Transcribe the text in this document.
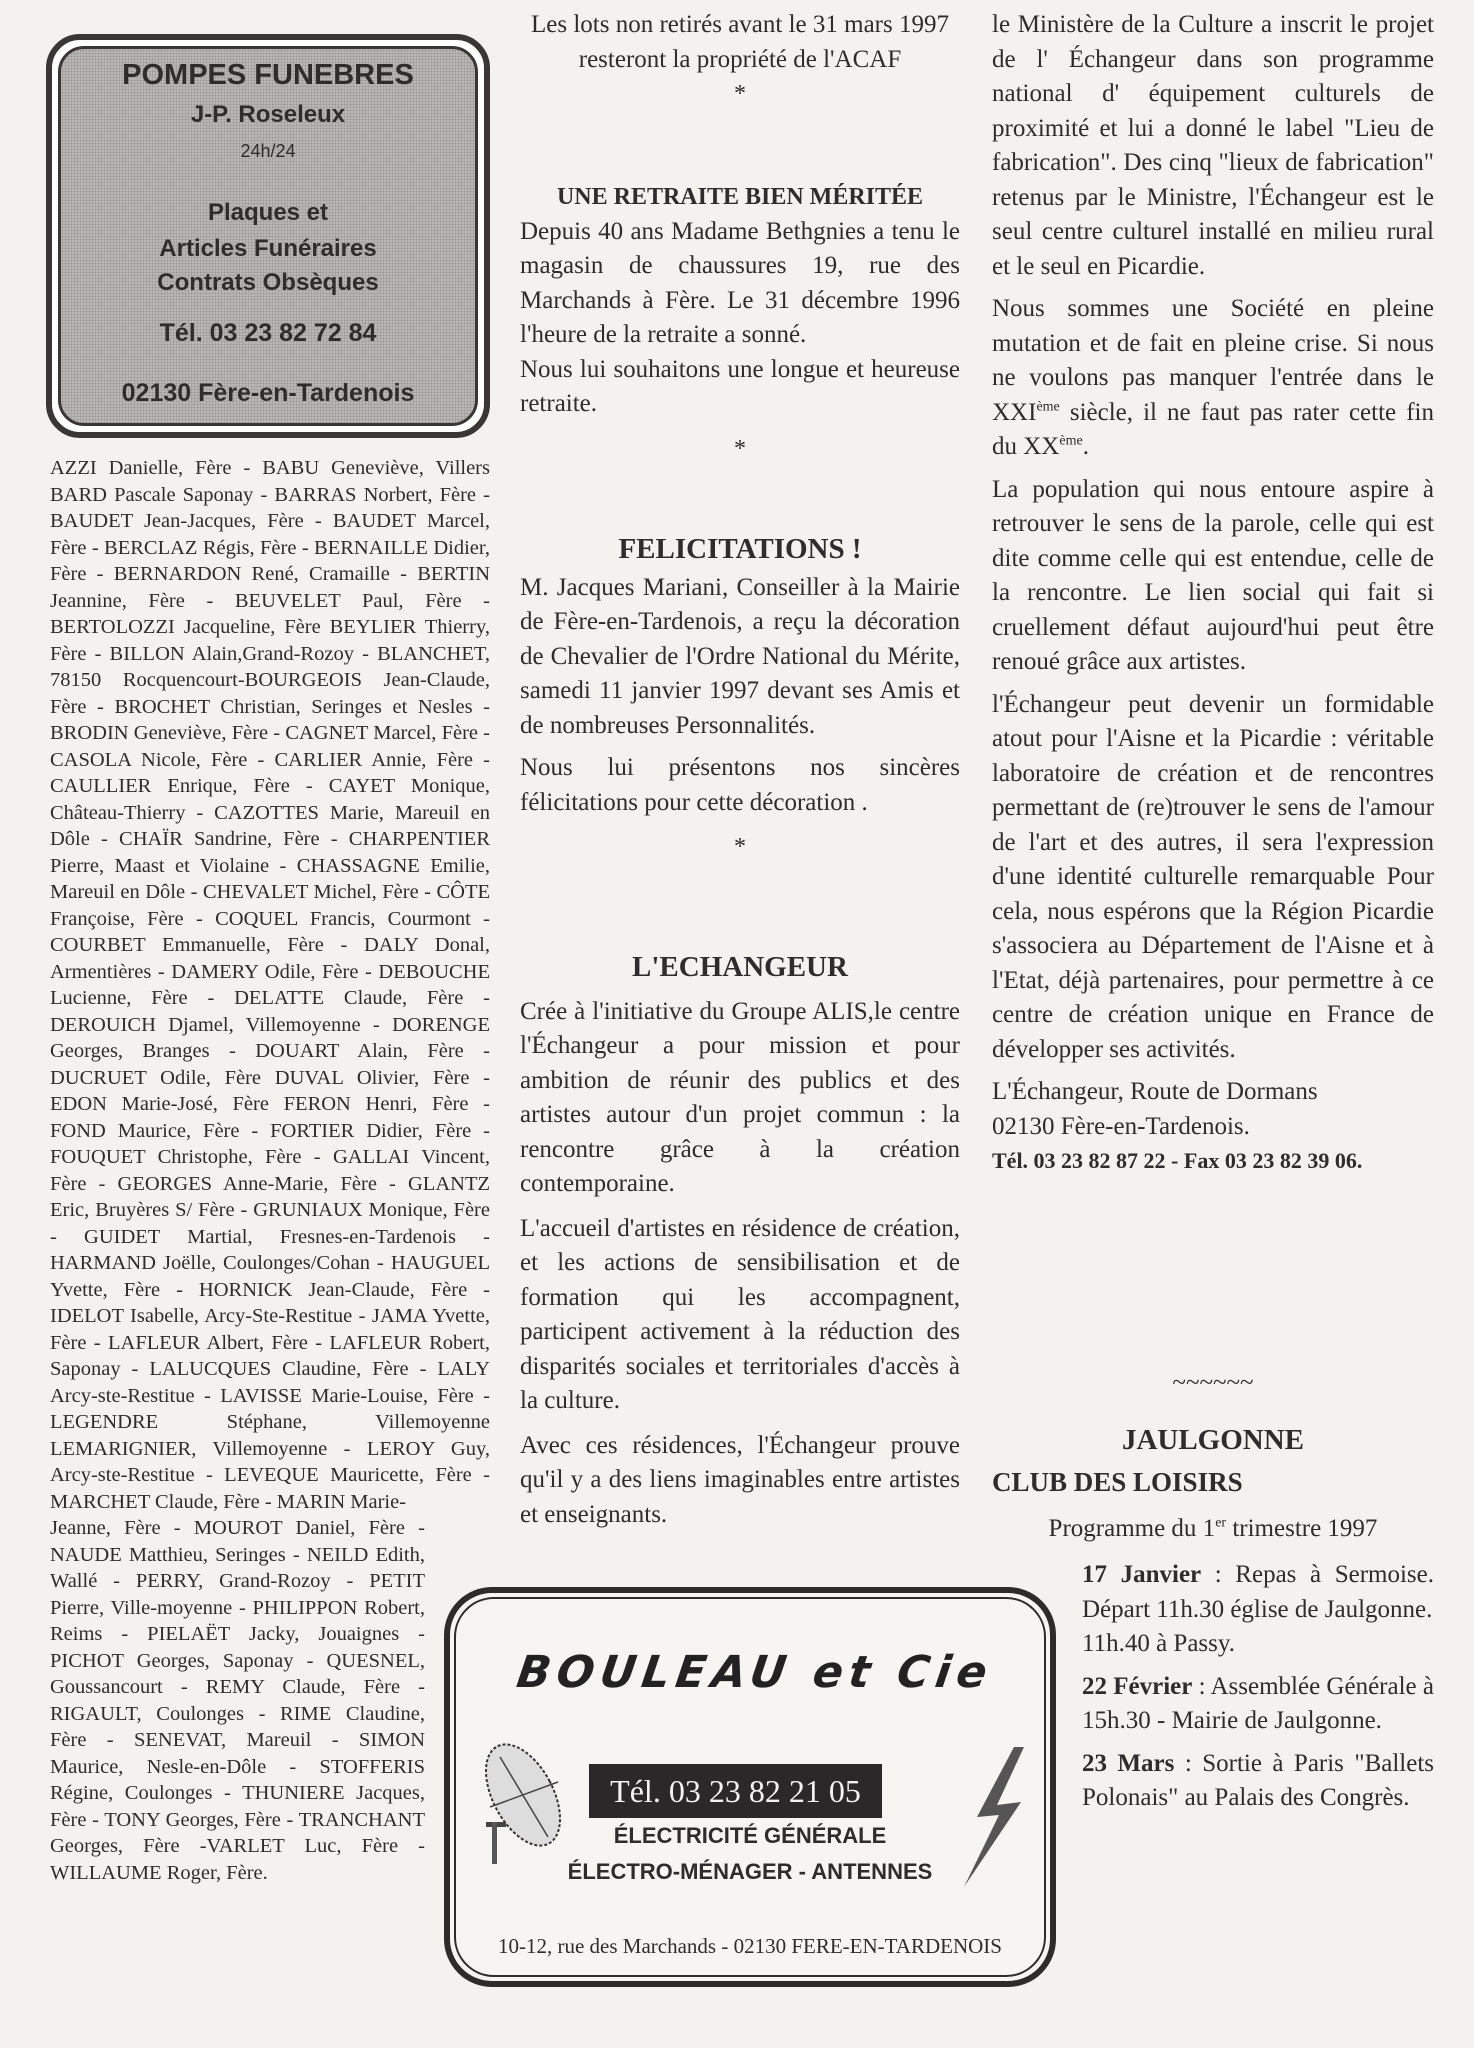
POMPES FUNEBRES
J-P. Roseleux
24h/24
Plaques et
Articles Funéraires
Contrats Obsèques
Tél. 03 23 82 72 84
02130 Fère-en-Tardenois

AZZI Danielle, Fère - BABU Geneviève, Villers BARD Pascale Saponay - BARRAS Norbert, Fère - BAUDET Jean-Jacques, Fère - BAUDET Marcel, Fère - BERCLAZ Régis, Fère - BERNAILLE Didier, Fère - BERNARDON René, Cramaille - BERTIN Jeannine, Fère - BEUVELET Paul, Fère - BERTOLOZZI Jacqueline, Fère BEYLIER Thierry, Fère - BILLON Alain,Grand-Rozoy - BLANCHET, 78150 Rocquencourt-BOURGEOIS Jean-Claude, Fère - BROCHET Christian, Seringes et Nesles - BRODIN Geneviève, Fère - CAGNET Marcel, Fère - CASOLA Nicole, Fère - CARLIER Annie, Fère - CAULLIER Enrique, Fère - CAYET Monique, Château-Thierry - CAZOTTES Marie, Mareuil en Dôle - CHAÏR Sandrine, Fère - CHARPENTIER Pierre, Maast et Violaine - CHASSAGNE Emilie, Mareuil en Dôle - CHEVALET Michel, Fère - CÔTE Françoise, Fère - COQUEL Francis, Courmont - COURBET Emmanuelle, Fère - DALY Donal, Armentières - DAMERY Odile, Fère - DEBOUCHE Lucienne, Fère - DELATTE Claude, Fère - DEROUICH Djamel, Villemoyenne - DORENGE Georges, Branges - DOUART Alain, Fère - DUCRUET Odile, Fère DUVAL Olivier, Fère - EDON Marie-José, Fère FERON Henri, Fère - FOND Maurice, Fère - FORTIER Didier, Fère - FOUQUET Christophe, Fère - GALLAI Vincent, Fère - GEORGES Anne-Marie, Fère - GLANTZ Eric, Bruyères S/ Fère - GRUNIAUX Monique, Fère - GUIDET Martial, Fresnes-en-Tardenois - HARMAND Joëlle, Coulonges/Cohan - HAUGUEL Yvette, Fère - HORNICK Jean-Claude, Fère - IDELOT Isabelle, Arcy-Ste-Restitue - JAMA Yvette, Fère - LAFLEUR Albert, Fère - LAFLEUR Robert, Saponay - LALUCQUES Claudine, Fère - LALY Arcy-ste-Restitue - LAVISSE Marie-Louise, Fère - LEGENDRE Stéphane, Villemoyenne LEMARIGNIER, Villemoyenne - LEROY Guy, Arcy-ste-Restitue - LEVEQUE Mauricette, Fère - MARCHET Claude, Fère - MARIN Marie-

Jeanne, Fère - MOUROT Daniel, Fère - NAUDE Matthieu, Seringes - NEILD Edith, Wallé - PERRY, Grand-Rozoy - PETIT Pierre, Ville-moyenne - PHILIPPON Robert, Reims - PIELAËT Jacky, Jouaignes - PICHOT Georges, Saponay - QUESNEL, Goussancourt - REMY Claude, Fère - RIGAULT, Coulonges - RIME Claudine, Fère - SENEVAT, Mareuil - SIMON Maurice, Nesle-en-Dôle - STOFFERIS Régine, Coulonges - THUNIERE Jacques, Fère - TONY Georges, Fère - TRANCHANT Georges, Fère -VARLET Luc, Fère - WILLAUME Roger, Fère.

Les lots non retirés avant le 31 mars 1997 resteront la propriété de l'ACAF

*

UNE RETRAITE BIEN MÉRITÉE

Depuis 40 ans Madame Bethgnies a tenu le magasin de chaussures 19, rue des Marchands à Fère. Le 31 décembre 1996 l'heure de la retraite a sonné.

Nous lui souhaitons une longue et heureuse retraite.

*

FELICITATIONS !

M. Jacques Mariani, Conseiller à la Mairie de Fère-en-Tardenois, a reçu la décoration de Chevalier de l'Ordre National du Mérite, samedi 11 janvier 1997 devant ses Amis et de nombreuses Personnalités.

Nous lui présentons nos sincères félicitations pour cette décoration .

*

L'ECHANGEUR

Crée à l'initiative du Groupe ALIS,le centre l'Échangeur a pour mission et pour ambition de réunir des publics et des artistes autour d'un projet commun : la rencontre grâce à la création contemporaine.

L'accueil d'artistes en résidence de création, et les actions de sensibilisation et de formation qui les accompagnent, participent activement à la réduction des disparités sociales et territoriales d'accès à la culture.

Avec ces résidences, l'Échangeur prouve qu'il y a des liens imaginables entre artistes et enseignants.

le Ministère de la Culture a inscrit le projet de l' Échangeur dans son programme national d' équipement culturels de proximité et lui a donné le label "Lieu de fabrication". Des cinq "lieux de fabrication" retenus par le Ministre, l'Échangeur est le seul centre culturel installé en milieu rural et le seul en Picardie.

Nous sommes une Société en pleine mutation et de fait en pleine crise. Si nous ne voulons pas manquer l'entrée dans le XXIème siècle, il ne faut pas rater cette fin du XXème.

La population qui nous entoure aspire à retrouver le sens de la parole, celle qui est dite comme celle qui est entendue, celle de la rencontre. Le lien social qui fait si cruellement défaut aujourd'hui peut être renoué grâce aux artistes.

l'Échangeur peut devenir un formidable atout pour l'Aisne et la Picardie : véritable laboratoire de création et de rencontres permettant de (re)trouver le sens de l'amour de l'art et des autres, il sera l'expression d'une identité culturelle remarquable Pour cela, nous espérons que la Région Picardie s'associera au Département de l'Aisne et à l'Etat, déjà partenaires, pour permettre à ce centre de création unique en France de développer ses activités.

L'Échangeur, Route de Dormans

02130 Fère-en-Tardenois.

Tél. 03 23 82 87 22 - Fax 03 23 82 39 06.

~~~~~~

JAULGONNE
CLUB DES LOISIRS

Programme du 1er trimestre 1997

17 Janvier : Repas à Sermoise. Départ 11h.30 église de Jaulgonne.
11h.40 à Passy.

22 Février : Assemblée Générale à 15h.30 - Mairie de Jaulgonne.

23 Mars : Sortie à Paris "Ballets Polonais" au Palais des Congrès.

BOULEAU et Cie
Tél. 03 23 82 21 05
ÉLECTRICITÉ GÉNÉRALE
ÉLECTRO-MÉNAGER - ANTENNES
10-12, rue des Marchands - 02130 FERE-EN-TARDENOIS
